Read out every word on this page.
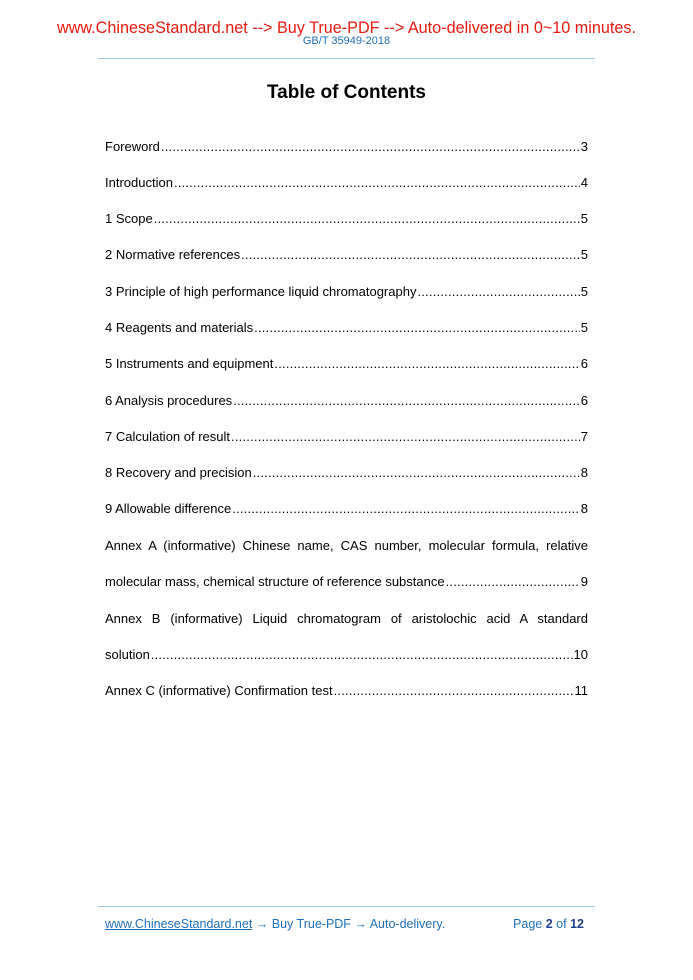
www.ChineseStandard.net --> Buy True-PDF --> Auto-delivered in 0~10 minutes.
GB/T 35949-2018
Table of Contents
Foreword .....	3
Introduction .....	4
1 Scope .....	5
2 Normative references .....	5
3 Principle of high performance liquid chromatography .....	5
4 Reagents and materials .....	5
5 Instruments and equipment .....	6
6 Analysis procedures .....	6
7 Calculation of result .....	7
8 Recovery and precision .....	8
9 Allowable difference .....	8
Annex A (informative) Chinese name, CAS number, molecular formula, relative
molecular mass, chemical structure of reference substance .....	9
Annex B (informative) Liquid chromatogram of aristolochic acid A standard
solution .....	10
Annex C (informative) Confirmation test .....	11
www.ChineseStandard.net → Buy True-PDF → Auto-delivery.	Page 2 of 12
